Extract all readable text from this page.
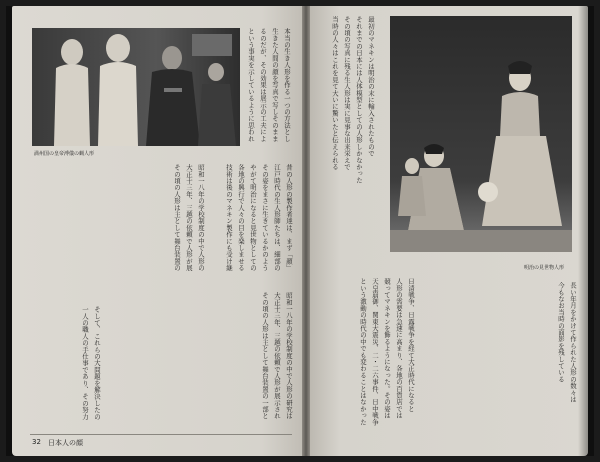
満州国の皇帝溥儀の蝋人形
本当の生き人形を作る一つの方法とし
生きた人間の顔を写真で写しそのまま
るのだが、その効果は展示の工夫によ
という事実を示しているように思われ
昔の人形の製作者達は、まず「顔」
江戸時代の生人形師たちは、細部の
その姿をまさに生きているかのよう
やがて明治になると見世物としての
各地の興行で人々の目を楽しませる
技術は後のマネキン製作にも受け継
昭和一八年の学校制度の中で人形の
大正十三年、三越の依頼で人形が展
その頃の人形は主として舞台装置の
そして、これらの大問題を解決したの
一人の職人の手仕事であり、その努力
昭和一八年の学校制度の中で人形の研究は
大正十三年、三越の依頼で人形が展示され
その頃の人形は主として舞台装置の一部と
32 日本人の顔
最初のマネキンは明治の末に輸入されたもので
それまでの日本には人体模型としての人形しかなかった
その頃の写真に残る生人形は実に見事な出来栄えで
当時の人々はこれを見て大いに驚いたと伝えられる
明治の見世物人形
日清戦争、日露戦争を経て大正時代になると
人形の需要は急速に高まり、各地の百貨店では
競ってマネキンを飾るようになった。その姿は
天皇崩御、関東大震災、二・二六事件、日中戦争
という激動の時代の中でも変わることはなかった	長い年月をかけて作られた人形の数々は
今もなお当時の面影を残している
